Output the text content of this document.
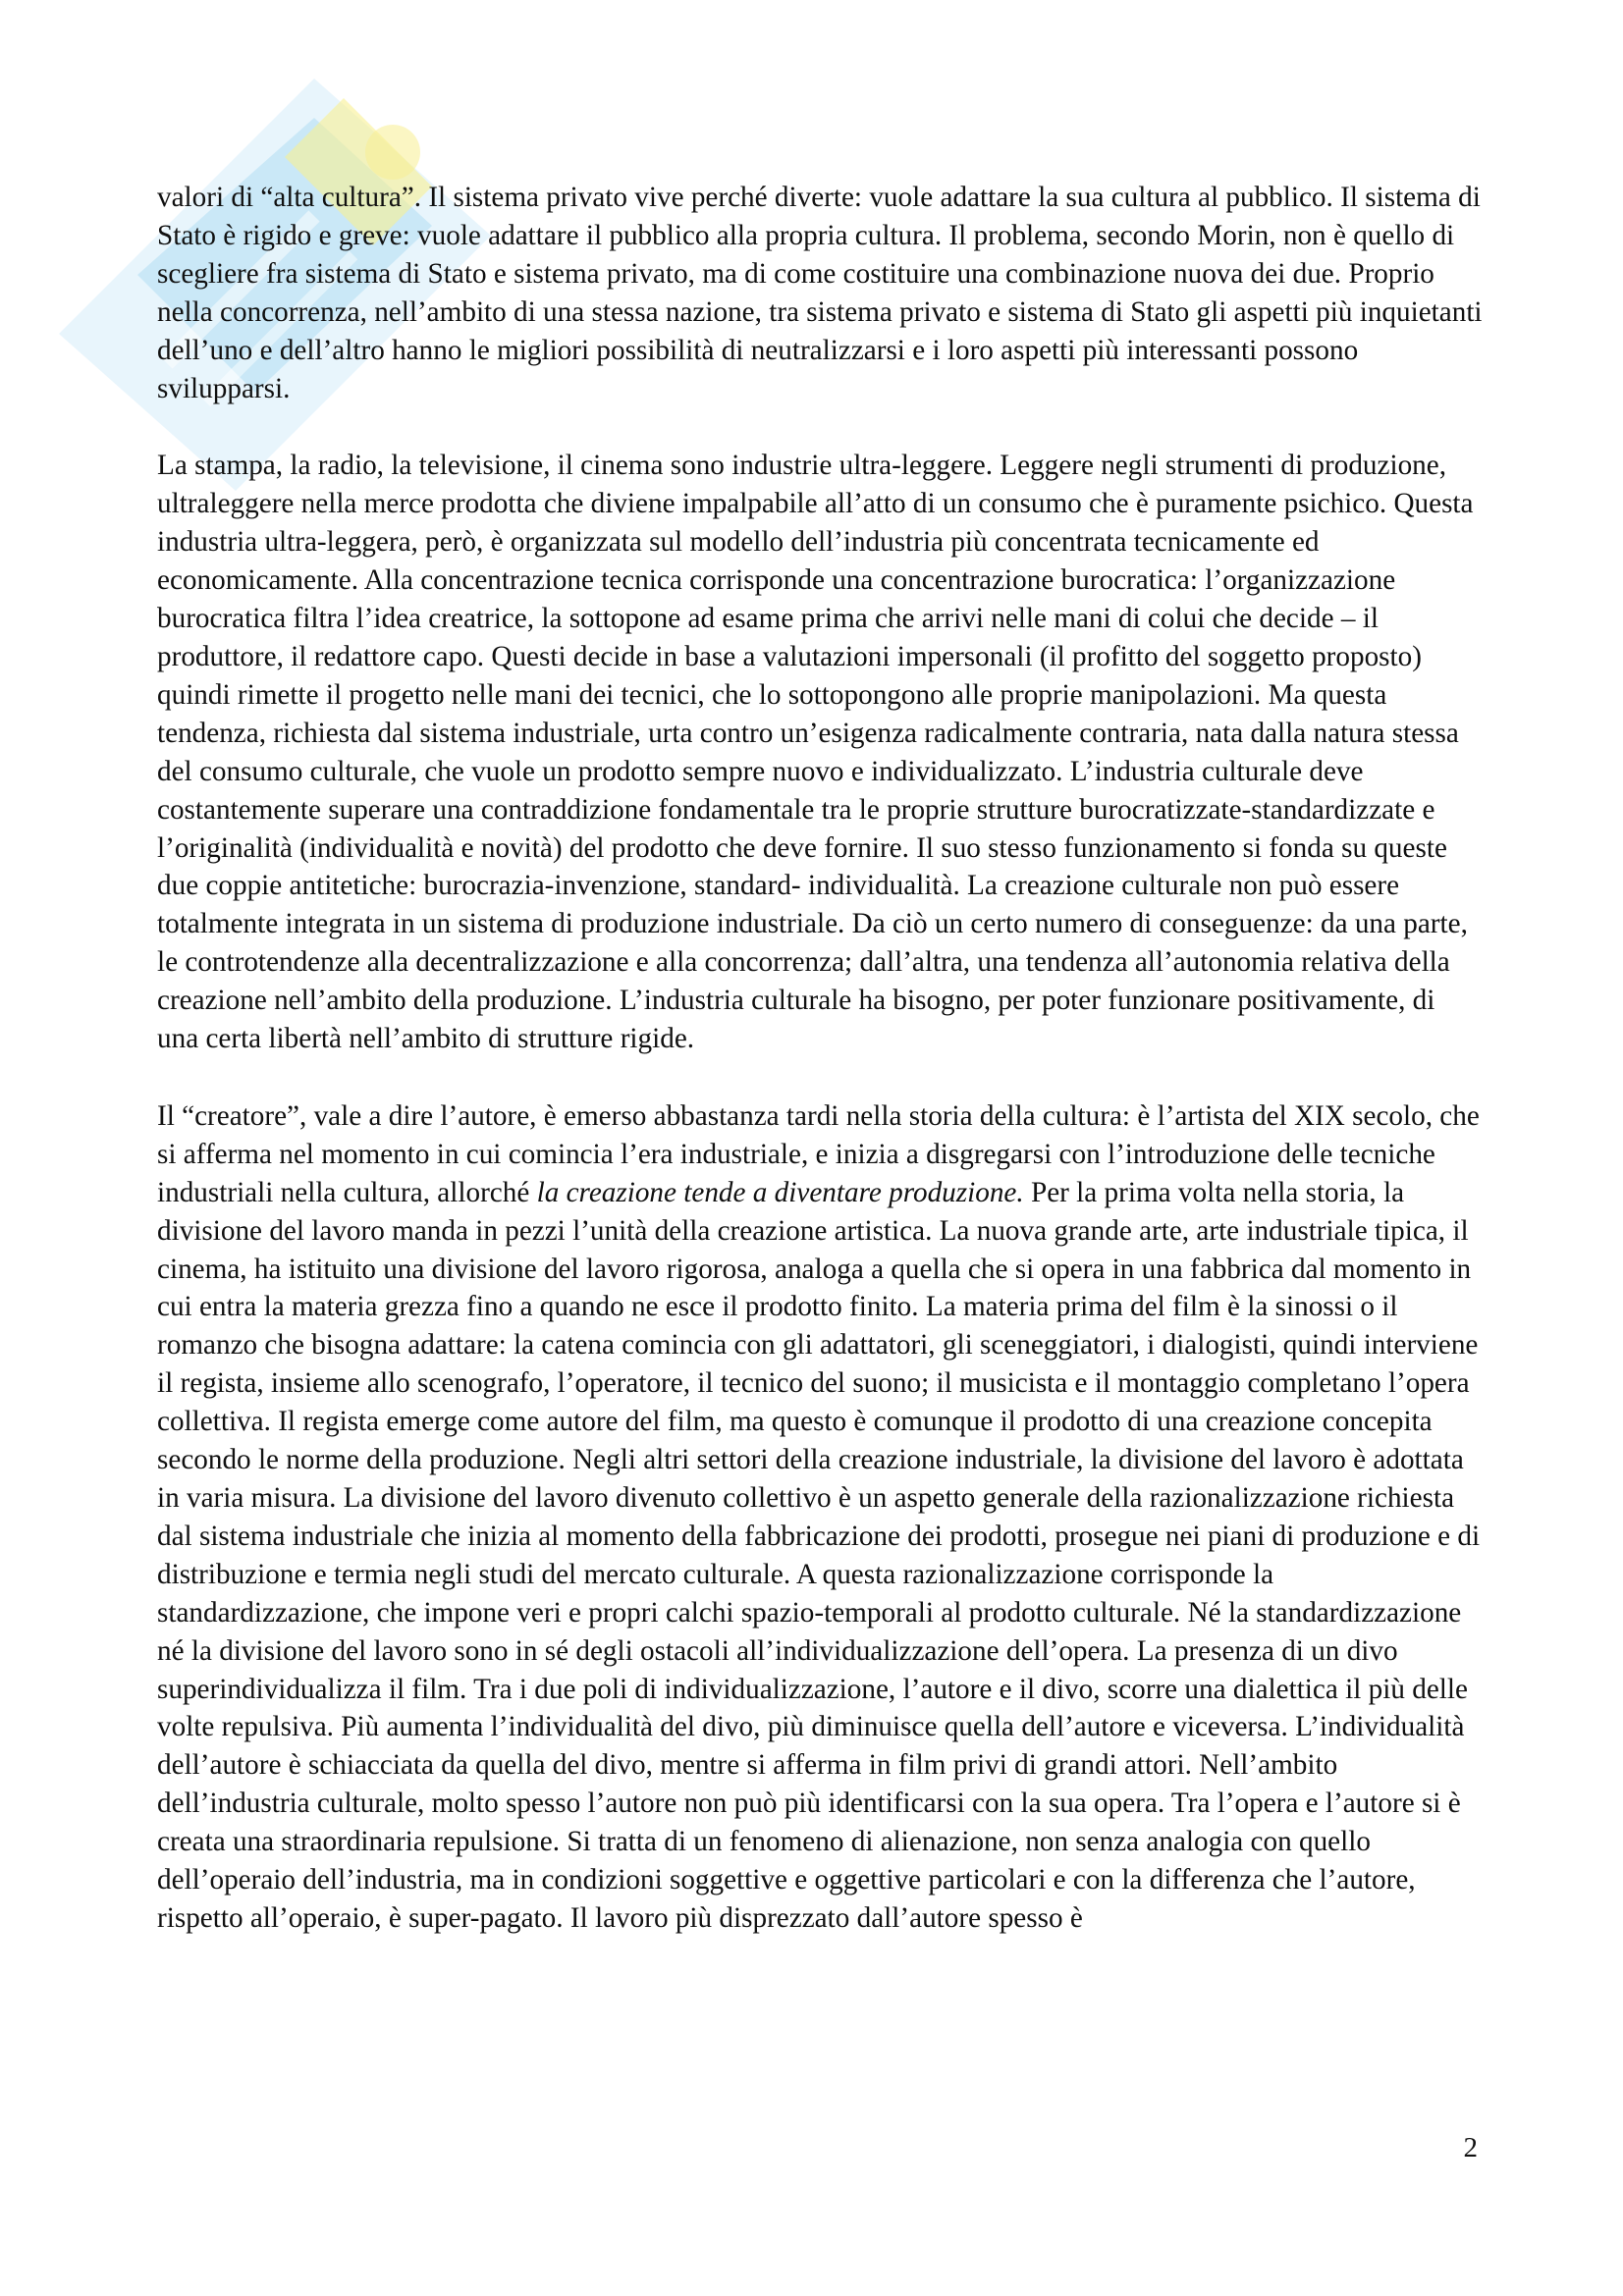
valori di “alta cultura”. Il sistema privato vive perché diverte: vuole adattare la sua cultura al pubblico. Il sistema di Stato è rigido e greve: vuole adattare il pubblico alla propria cultura. Il problema, secondo Morin, non è quello di scegliere fra sistema di Stato e sistema privato, ma di come costituire una combinazione nuova dei due. Proprio nella concorrenza, nell’ambito di una stessa nazione, tra sistema privato e sistema di Stato gli aspetti più inquietanti dell’uno e dell’altro hanno le migliori possibilità di neutralizzarsi e i loro aspetti più interessanti possono svilupparsi.

La stampa, la radio, la televisione, il cinema sono industrie ultra-leggere. Leggere negli strumenti di produzione, ultraleggere nella merce prodotta che diviene impalpabile all’atto di un consumo che è puramente psichico. Questa industria ultra-leggera, però, è organizzata sul modello dell’industria più concentrata tecnicamente ed economicamente. Alla concentrazione tecnica corrisponde una concentrazione burocratica: l’organizzazione burocratica filtra l’idea creatrice, la sottopone ad esame prima che arrivi nelle mani di colui che decide – il produttore, il redattore capo. Questi decide in base a valutazioni impersonali (il profitto del soggetto proposto) quindi rimette il progetto nelle mani dei tecnici, che lo sottopongono alle proprie manipolazioni. Ma questa tendenza, richiesta dal sistema industriale, urta contro un’esigenza radicalmente contraria, nata dalla natura stessa del consumo culturale, che vuole un prodotto sempre nuovo e individualizzato. L’industria culturale deve costantemente superare una contraddizione fondamentale tra le proprie strutture burocratizzate-standardizzate e l’originalità (individualità e novità) del prodotto che deve fornire. Il suo stesso funzionamento si fonda su queste due coppie antitetiche: burocrazia-invenzione, standard- individualità. La creazione culturale non può essere totalmente integrata in un sistema di produzione industriale. Da ciò un certo numero di conseguenze: da una parte, le controtendenze alla decentralizzazione e alla concorrenza; dall’altra, una tendenza all’autonomia relativa della creazione nell’ambito della produzione. L’industria culturale ha bisogno, per poter funzionare positivamente, di una certa libertà nell’ambito di strutture rigide.

Il “creatore”, vale a dire l’autore, è emerso abbastanza tardi nella storia della cultura: è l’artista del XIX secolo, che si afferma nel momento in cui comincia l’era industriale, e inizia a disgregarsi con l’introduzione delle tecniche industriali nella cultura, allorché la creazione tende a diventare produzione. Per la prima volta nella storia, la divisione del lavoro manda in pezzi l’unità della creazione artistica. La nuova grande arte, arte industriale tipica, il cinema, ha istituito una divisione del lavoro rigorosa, analoga a quella che si opera in una fabbrica dal momento in cui entra la materia grezza fino a quando ne esce il prodotto finito. La materia prima del film è la sinossi o il romanzo che bisogna adattare: la catena comincia con gli adattatori, gli sceneggiatori, i dialogisti, quindi interviene il regista, insieme allo scenografo, l’operatore, il tecnico del suono; il musicista e il montaggio completano l’opera collettiva. Il regista emerge come autore del film, ma questo è comunque il prodotto di una creazione concepita secondo le norme della produzione. Negli altri settori della creazione industriale, la divisione del lavoro è adottata in varia misura. La divisione del lavoro divenuto collettivo è un aspetto generale della razionalizzazione richiesta dal sistema industriale che inizia al momento della fabbricazione dei prodotti, prosegue nei piani di produzione e di distribuzione e termia negli studi del mercato culturale. A questa razionalizzazione corrisponde la standardizzazione, che impone veri e propri calchi spazio-temporali al prodotto culturale. Né la standardizzazione né la divisione del lavoro sono in sé degli ostacoli all’individualizzazione dell’opera. La presenza di un divo superindividualizza il film. Tra i due poli di individualizzazione, l’autore e il divo, scorre una dialettica il più delle volte repulsiva. Più aumenta l’individualità del divo, più diminuisce quella dell’autore e viceversa. L’individualità dell’autore è schiacciata da quella del divo, mentre si afferma in film privi di grandi attori. Nell’ambito dell’industria culturale, molto spesso l’autore non può più identificarsi con la sua opera. Tra l’opera e l’autore si è creata una straordinaria repulsione. Si tratta di un fenomeno di alienazione, non senza analogia con quello dell’operaio dell’industria, ma in condizioni soggettive e oggettive particolari e con la differenza che l’autore, rispetto all’operaio, è super-pagato. Il lavoro più disprezzato dall’autore spesso è

2
